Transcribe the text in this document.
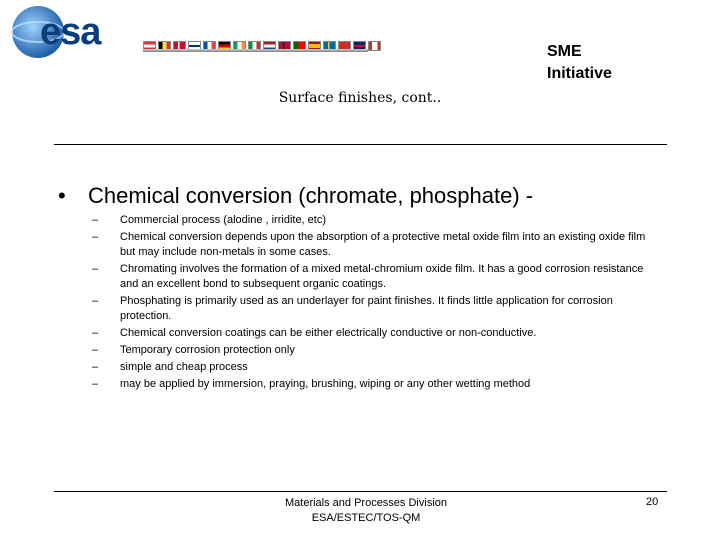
esa	SME
Initiative
Surface finishes, cont..
•	Chemical conversion (chromate, phosphate) -
–	Commercial process (alodine , irridite, etc)
–	Chemical conversion depends upon the absorption of a protective metal oxide film into an existing oxide film but may include non-metals in some cases.
–	Chromating involves the formation of a mixed metal-chromium oxide film. It has a good corrosion resistance and an excellent bond to subsequent organic coatings.
–	Phosphating is primarily used as an underlayer for paint finishes. It finds little application for corrosion protection.
–	Chemical conversion coatings can be either electrically conductive or non-conductive.
–	Temporary corrosion protection only
–	simple and cheap process
–	may be applied by immersion, praying, brushing, wiping or any other wetting method
Materials and Processes Division
ESA/ESTEC/TOS-QM
20
